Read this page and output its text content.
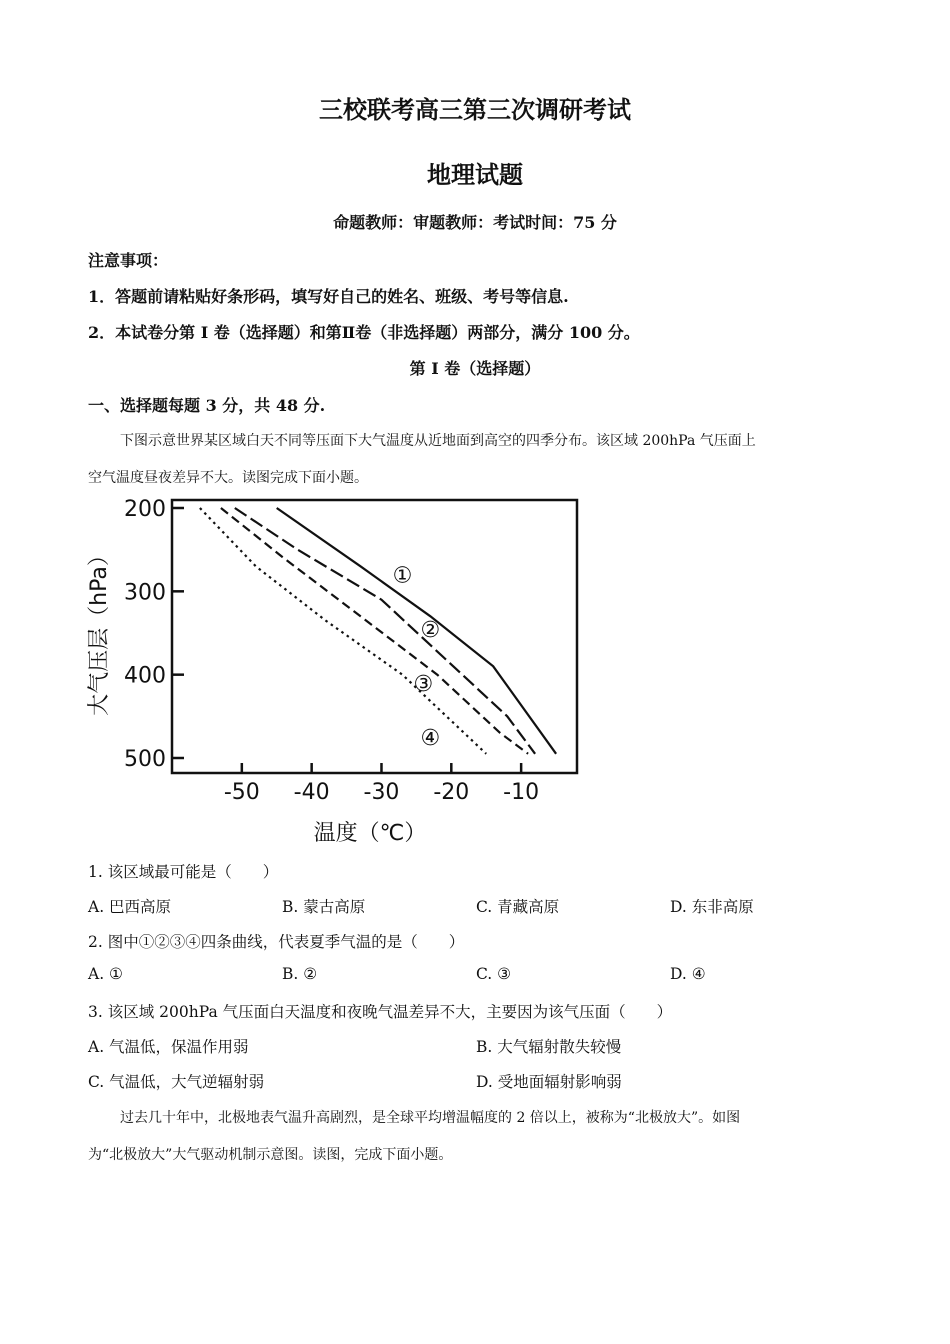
三校联考高三第三次调研考试
地理试题
命题教师：审题教师：考试时间：75 分
注意事项：
1．答题前请粘贴好条形码，填写好自己的姓名、班级、考号等信息.
2．本试卷分第 I 卷（选择题）和第Ⅱ卷（非选择题）两部分，满分 100 分。
第 I 卷（选择题）
一、选择题每题 3 分，共 48 分.
下图示意世界某区域白天不同等压面下大气温度从近地面到高空的四季分布。该区域 200hPa 气压面上
空气温度昼夜差异不大。读图完成下面小题。
①
②
③
④
-50 -40 -30 -20 -10
200
300
400
500
温度（℃）
大气压层（hPa）
1. 该区域最可能是（　　）
A. 巴西高原	B. 蒙古高原	C. 青藏高原	D. 东非高原
2. 图中①②③④四条曲线，代表夏季气温的是（　　）
A. ①	B. ②	C. ③	D. ④
3. 该区域 200hPa 气压面白天温度和夜晚气温差异不大，主要因为该气压面（　　）
A. 气温低，保温作用弱	B. 大气辐射散失较慢
C. 气温低，大气逆辐射弱	D. 受地面辐射影响弱
过去几十年中，北极地表气温升高剧烈，是全球平均增温幅度的 2 倍以上，被称为“北极放大”。如图
为“北极放大”大气驱动机制示意图。读图，完成下面小题。
